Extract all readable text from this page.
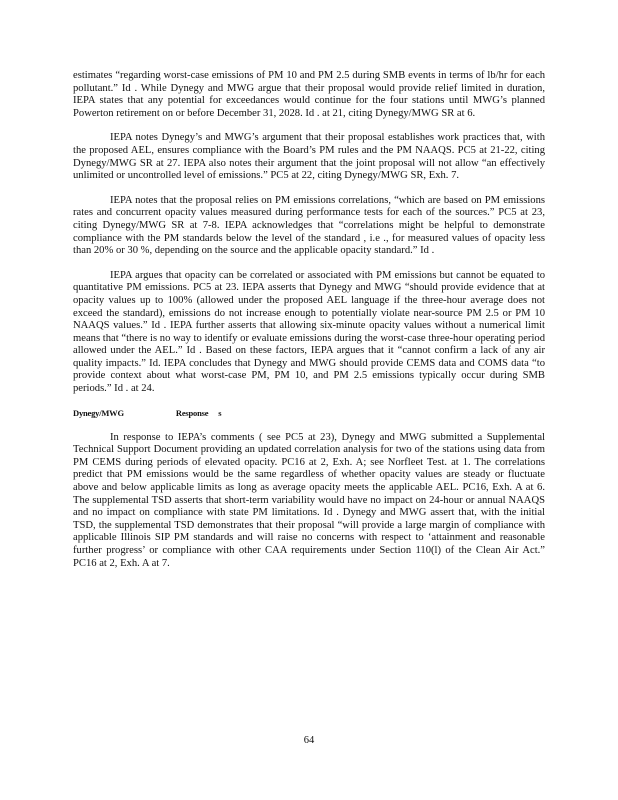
estimates “regarding worst-case emissions of PM 10 and PM 2.5 during SMB events in terms of lb/hr for each pollutant.” Id . While Dynegy and MWG argue that their proposal would provide relief limited in duration, IEPA states that any potential for exceedances would continue for the four stations until MWG’s planned Powerton retirement on or before December 31, 2028. Id . at 21, citing Dynegy/MWG SR at 6.

IEPA notes Dynegy’s and MWG’s argument that their proposal establishes work practices that, with the proposed AEL, ensures compliance with the Board’s PM rules and the PM NAAQS. PC5 at 21-22, citing Dynegy/MWG SR at 27. IEPA also notes their argument that the joint proposal will not allow “an effectively unlimited or uncontrolled level of emissions.” PC5 at 22, citing Dynegy/MWG SR, Exh. 7.

IEPA notes that the proposal relies on PM emissions correlations, “which are based on PM emissions rates and concurrent opacity values measured during performance tests for each of the sources.” PC5 at 23, citing Dynegy/MWG SR at 7-8. IEPA acknowledges that “correlations might be helpful to demonstrate compliance with the PM standards below the level of the standard , i.e ., for measured values of opacity less than 20% or 30 %, depending on the source and the applicable opacity standard.” Id .

IEPA argues that opacity can be correlated or associated with PM emissions but cannot be equated to quantitative PM emissions. PC5 at 23. IEPA asserts that Dynegy and MWG “should provide evidence that at opacity values up to 100% (allowed under the proposed AEL language if the three-hour average does not exceed the standard), emissions do not increase enough to potentially violate near-source PM 2.5 or PM 10 NAAQS values.” Id . IEPA further asserts that allowing six-minute opacity values without a numerical limit means that “there is no way to identify or evaluate emissions during the worst-case three-hour operating period allowed under the AEL.” Id . Based on these factors, IEPA argues that it “cannot confirm a lack of any air quality impacts.” Id. IEPA concludes that Dynegy and MWG should provide CEMS data and COMS data “to provide context about what worst-case PM, PM 10, and PM 2.5 emissions typically occur during SMB periods.” Id . at 24.

Dynegy/MWG	Response s

In response to IEPA’s comments ( see PC5 at 23), Dynegy and MWG submitted a Supplemental Technical Support Document providing an updated correlation analysis for two of the stations using data from PM CEMS during periods of elevated opacity. PC16 at 2, Exh. A; see Norfleet Test. at 1. The correlations predict that PM emissions would be the same regardless of whether opacity values are steady or fluctuate above and below applicable limits as long as average opacity meets the applicable AEL. PC16, Exh. A at 6. The supplemental TSD asserts that short-term variability would have no impact on 24-hour or annual NAAQS and no impact on compliance with state PM limitations. Id . Dynegy and MWG assert that, with the initial TSD, the supplemental TSD demonstrates that their proposal “will provide a large margin of compliance with applicable Illinois SIP PM standards and will raise no concerns with respect to ‘attainment and reasonable further progress’ or compliance with other CAA requirements under Section 110(l) of the Clean Air Act.” PC16 at 2, Exh. A at 7.

64
